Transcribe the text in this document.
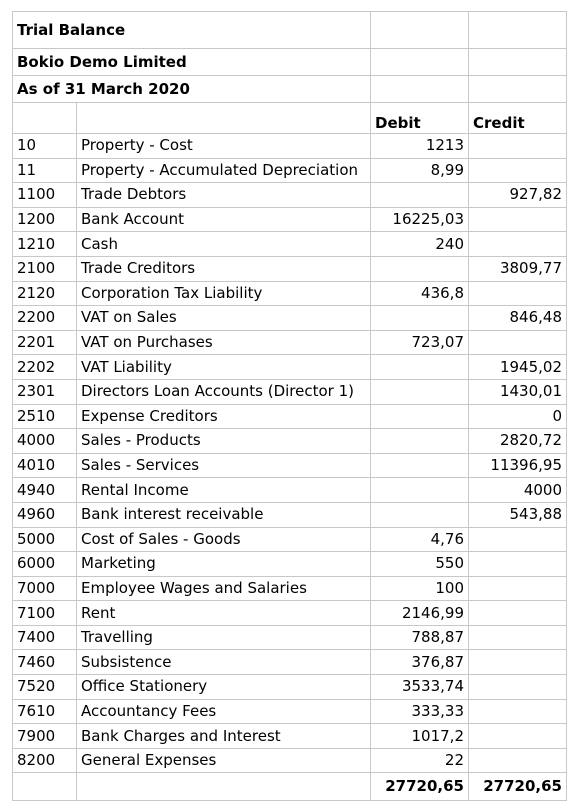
Trial Balance			
Bokio Demo Limited			
As of 31 March 2020			
		Debit	Credit
10	Property - Cost	1213	
11	Property - Accumulated Depreciation	8,99	
1100	Trade Debtors		927,82
1200	Bank Account	16225,03	
1210	Cash	240	
2100	Trade Creditors		3809,77
2120	Corporation Tax Liability	436,8	
2200	VAT on Sales		846,48
2201	VAT on Purchases	723,07	
2202	VAT Liability		1945,02
2301	Directors Loan Accounts (Director 1)		1430,01
2510	Expense Creditors		0
4000	Sales - Products		2820,72
4010	Sales - Services		11396,95
4940	Rental Income		4000
4960	Bank interest receivable		543,88
5000	Cost of Sales - Goods	4,76	
6000	Marketing	550	
7000	Employee Wages and Salaries	100	
7100	Rent	2146,99	
7400	Travelling	788,87	
7460	Subsistence	376,87	
7520	Office Stationery	3533,74	
7610	Accountancy Fees	333,33	
7900	Bank Charges and Interest	1017,2	
8200	General Expenses	22	
		27720,65	27720,65
